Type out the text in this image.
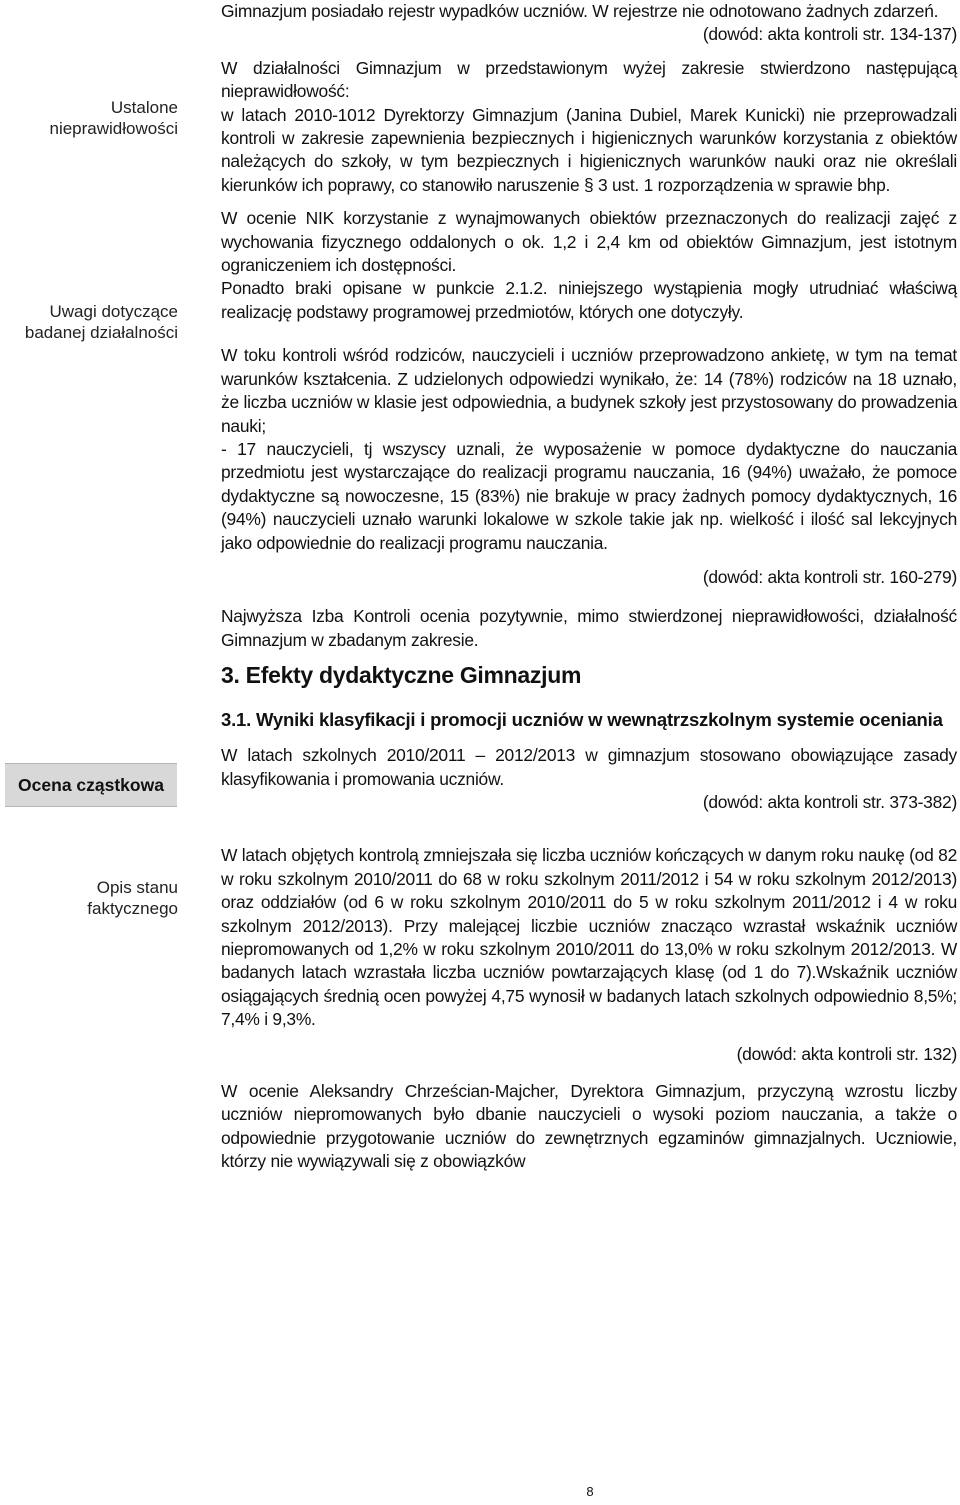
Ustalone nieprawidłowości
Uwagi dotyczące badanej działalności
Ocena cząstkowa
Opis stanu faktycznego

Gimnazjum posiadało rejestr wypadków uczniów. W rejestrze nie odnotowano żadnych zdarzeń.

(dowód: akta kontroli str. 134-137)

W działalności Gimnazjum w przedstawionym wyżej zakresie stwierdzono następującą nieprawidłowość:

w latach 2010-1012 Dyrektorzy Gimnazjum (Janina Dubiel, Marek Kunicki) nie przeprowadzali kontroli w zakresie zapewnienia bezpiecznych i higienicznych warunków korzystania z obiektów należących do szkoły, w tym bezpiecznych i higienicznych warunków nauki oraz nie określali kierunków ich poprawy, co stanowiło naruszenie § 3 ust. 1 rozporządzenia w sprawie bhp.

W ocenie NIK korzystanie z wynajmowanych obiektów przeznaczonych do realizacji zajęć z wychowania fizycznego oddalonych o ok. 1,2 i 2,4 km od obiektów Gimnazjum, jest istotnym ograniczeniem ich dostępności.

Ponadto braki opisane w punkcie 2.1.2. niniejszego wystąpienia mogły utrudniać właściwą realizację podstawy programowej przedmiotów, których one dotyczyły.

W toku kontroli wśród rodziców, nauczycieli i uczniów przeprowadzono ankietę, w tym na temat warunków kształcenia. Z udzielonych odpowiedzi wynikało, że: 14 (78%) rodziców na 18 uznało, że liczba uczniów w klasie jest odpowiednia, a budynek szkoły jest przystosowany do prowadzenia nauki;

- 17 nauczycieli, tj wszyscy uznali, że wyposażenie w pomoce dydaktyczne do nauczania przedmiotu jest wystarczające do realizacji programu nauczania, 16 (94%) uważało, że pomoce dydaktyczne są nowoczesne, 15 (83%) nie brakuje w pracy żadnych pomocy dydaktycznych, 16 (94%) nauczycieli uznało warunki lokalowe w szkole takie jak np. wielkość i ilość sal lekcyjnych jako odpowiednie do realizacji programu nauczania.

(dowód: akta kontroli str. 160-279)

Najwyższa Izba Kontroli ocenia pozytywnie, mimo stwierdzonej nieprawidłowości, działalność Gimnazjum w zbadanym zakresie.

3. Efekty dydaktyczne Gimnazjum
3.1. Wyniki klasyfikacji i promocji uczniów w wewnątrzszkolnym systemie oceniania

W latach szkolnych 2010/2011 – 2012/2013 w gimnazjum stosowano obowiązujące zasady klasyfikowania i promowania uczniów.

(dowód: akta kontroli str. 373-382)

W latach objętych kontrolą zmniejszała się liczba uczniów kończących w danym roku naukę (od 82 w roku szkolnym 2010/2011 do 68 w roku szkolnym 2011/2012 i 54 w roku szkolnym 2012/2013) oraz oddziałów (od 6 w roku szkolnym 2010/2011 do 5 w roku szkolnym 2011/2012 i 4 w roku szkolnym 2012/2013). Przy malejącej liczbie uczniów znacząco wzrastał wskaźnik uczniów niepromowanych od 1,2% w roku szkolnym 2010/2011 do 13,0% w roku szkolnym 2012/2013. W badanych latach wzrastała liczba uczniów powtarzających klasę (od 1 do 7).Wskaźnik uczniów osiągających średnią ocen powyżej 4,75 wynosił w badanych latach szkolnych odpowiednio 8,5%; 7,4% i 9,3%.

(dowód: akta kontroli str. 132)

W ocenie Aleksandry Chrześcian-Majcher, Dyrektora Gimnazjum, przyczyną wzrostu liczby uczniów niepromowanych było dbanie nauczycieli o wysoki poziom nauczania, a także o odpowiednie przygotowanie uczniów do zewnętrznych egzaminów gimnazjalnych. Uczniowie, którzy nie wywiązywali się z obowiązków

8
